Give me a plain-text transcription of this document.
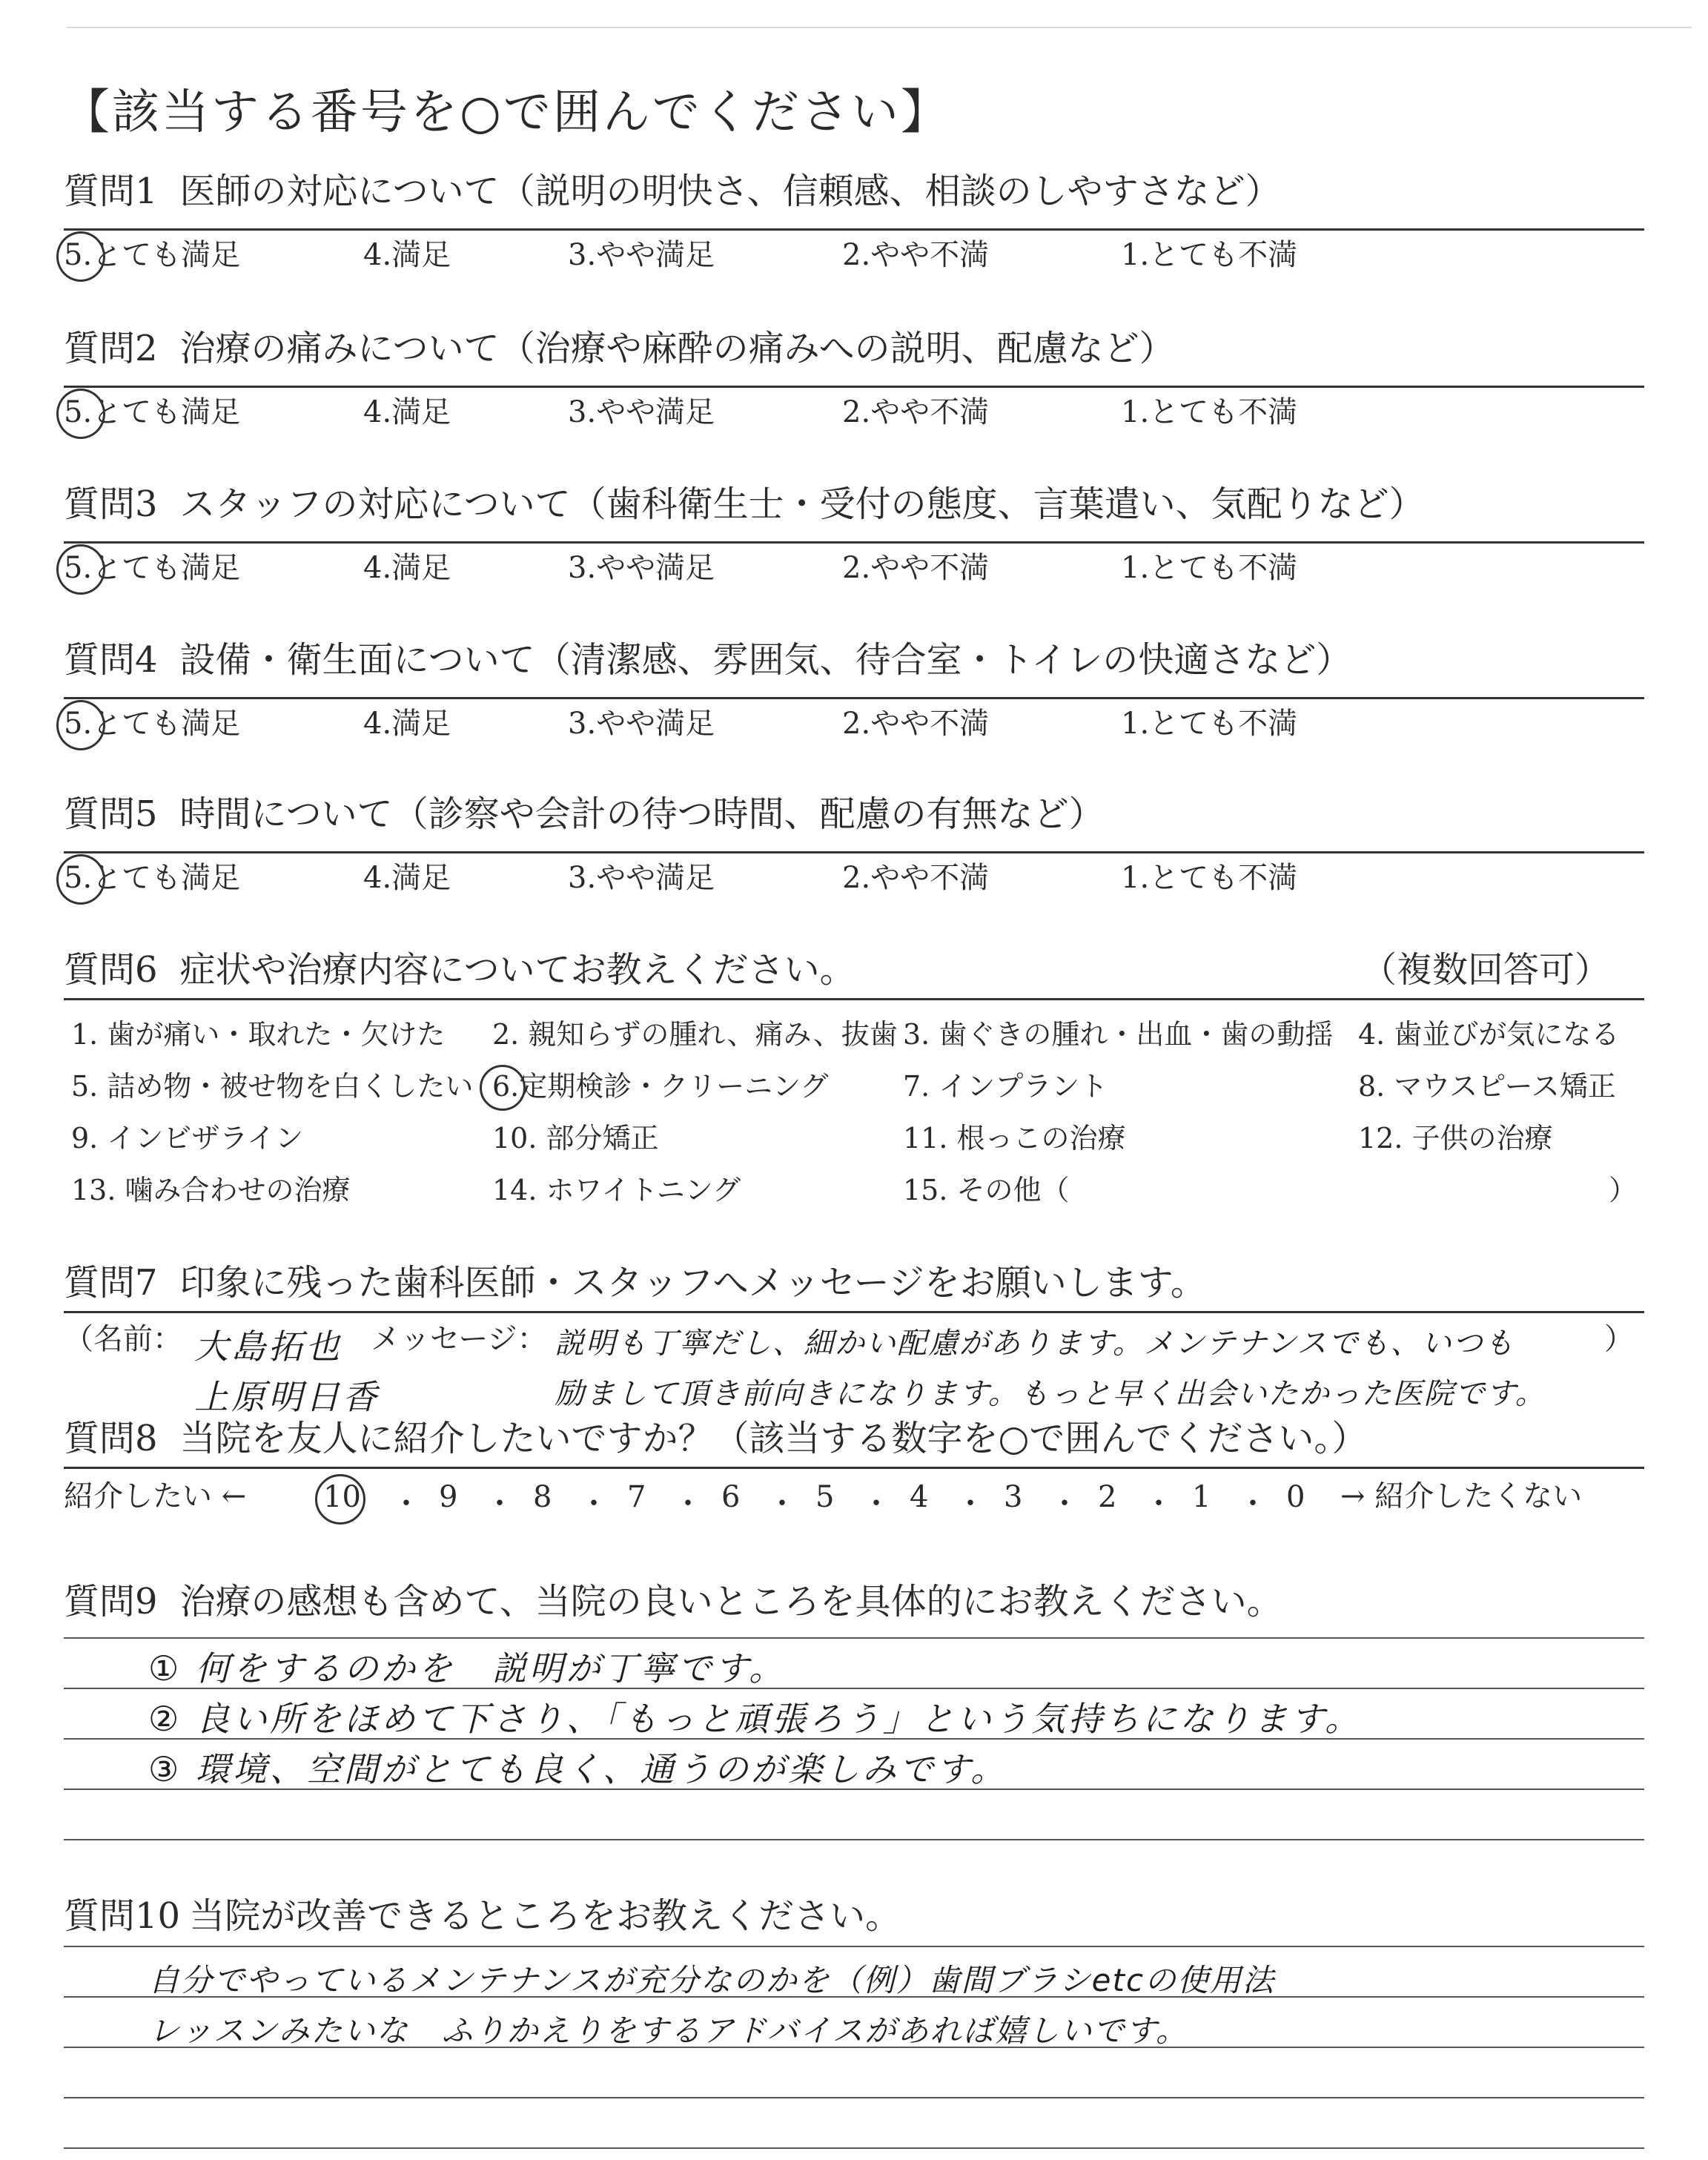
【該当する番号を○で囲んでください】
質問1 医師の対応について（説明の明快さ、信頼感、相談のしやすさなど）
5.とても満足	4.満足	3.やや満足	2.やや不満	1.とても不満
質問2 治療の痛みについて（治療や麻酔の痛みへの説明、配慮など）
5.とても満足	4.満足	3.やや満足	2.やや不満	1.とても不満
質問3 スタッフの対応について（歯科衛生士・受付の態度、言葉遣い、気配りなど）
5.とても満足	4.満足	3.やや満足	2.やや不満	1.とても不満
質問4 設備・衛生面について（清潔感、雰囲気、待合室・トイレの快適さなど）
5.とても満足	4.満足	3.やや満足	2.やや不満	1.とても不満
質問5 時間について（診察や会計の待つ時間、配慮の有無など）
5.とても満足	4.満足	3.やや満足	2.やや不満	1.とても不満
質問6 症状や治療内容についてお教えください。	（複数回答可）
1. 歯が痛い・取れた・欠けた 2. 親知らずの腫れ、痛み、抜歯 3. 歯ぐきの腫れ・出血・歯の動揺 4. 歯並びが気になる
5. 詰め物・被せ物を白くしたい 6.定期検診・クリーニング	7. インプラント	8. マウスピース矯正
9. インビザライン	10. 部分矯正	11. 根っこの治療	12. 子供の治療
13. 噛み合わせの治療	14. ホワイトニング	15. その他（	）
質問7 印象に残った歯科医師・スタッフへメッセージをお願いします。
（名前： 大島拓也
上原明日香
メッセージ： 説明も丁寧だし、細かい配慮があります。メンテナンスでも、いつも
励まして頂き前向きになります。もっと早く出会いたかった医院です。
）
質問8 当院を友人に紹介したいですか？（該当する数字を○で囲んでください。）
紹介したい ←	10 ・ 9 ・ 8 ・ 7 ・ 6 ・ 5 ・ 4 ・ 3 ・ 2 ・ 1 ・ 0 → 紹介したくない
質問9 治療の感想も含めて、当院の良いところを具体的にお教えください。
① 何をするのかを　説明が丁寧です。
② 良い所をほめて下さり、「もっと頑張ろう」という気持ちになります。
③ 環境、空間がとても良く、通うのが楽しみです。
質問10 当院が改善できるところをお教えください。
自分でやっているメンテナンスが充分なのかを（例）歯間ブラシetcの使用法
レッスンみたいな　ふりかえりをするアドバイスがあれば嬉しいです。
